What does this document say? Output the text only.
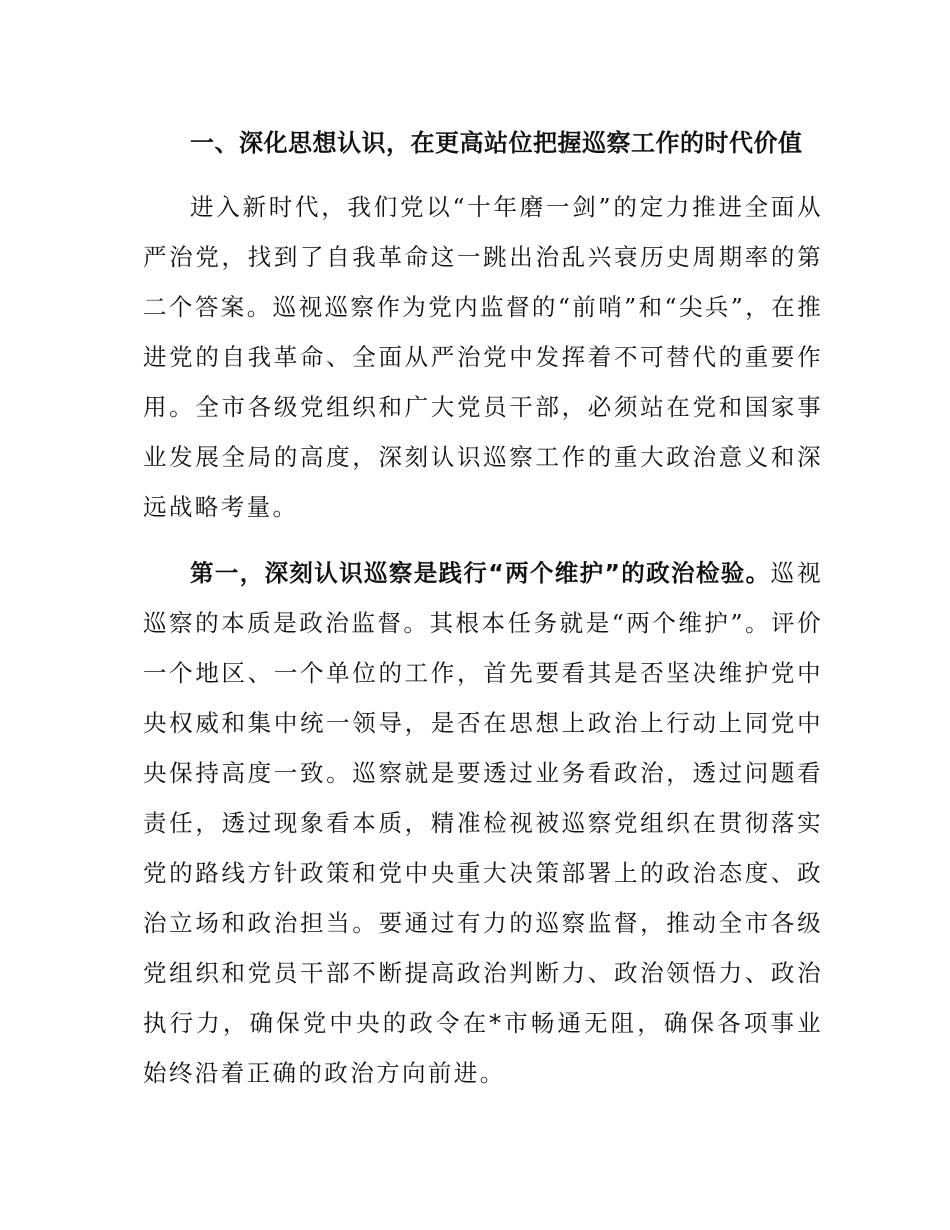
一、深化思想认识，在更高站位把握巡察工作的时代价值

进入新时代，我们党以“十年磨一剑”的定力推进全面从严治党，找到了自我革命这一跳出治乱兴衰历史周期率的第二个答案。巡视巡察作为党内监督的“前哨”和“尖兵”，在推进党的自我革命、全面从严治党中发挥着不可替代的重要作用。全市各级党组织和广大党员干部，必须站在党和国家事业发展全局的高度，深刻认识巡察工作的重大政治意义和深远战略考量。

第一，深刻认识巡察是践行“两个维护”的政治检验。巡视巡察的本质是政治监督。其根本任务就是“两个维护”。评价一个地区、一个单位的工作，首先要看其是否坚决维护党中央权威和集中统一领导，是否在思想上政治上行动上同党中央保持高度一致。巡察就是要透过业务看政治，透过问题看责任，透过现象看本质，精准检视被巡察党组织在贯彻落实党的路线方针政策和党中央重大决策部署上的政治态度、政治立场和政治担当。要通过有力的巡察监督，推动全市各级党组织和党员干部不断提高政治判断力、政治领悟力、政治执行力，确保党中央的政令在*市畅通无阻，确保各项事业始终沿着正确的政治方向前进。
